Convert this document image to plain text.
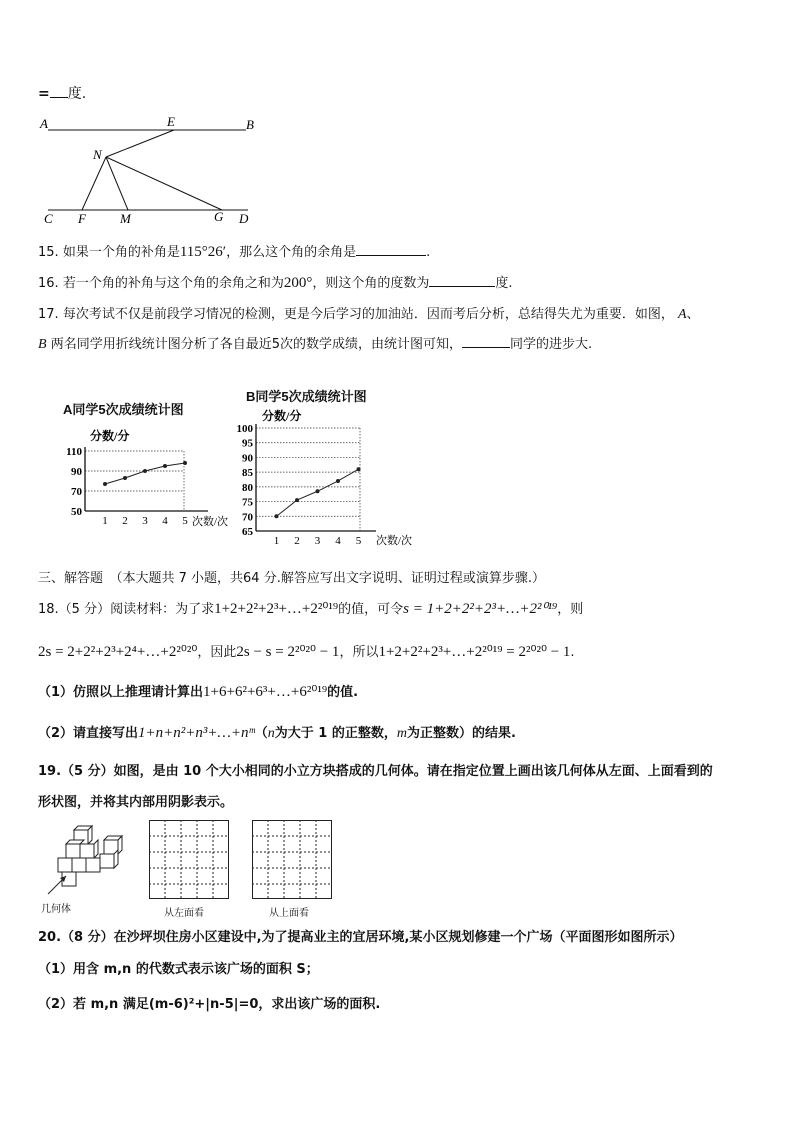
= 度.
A	E	B
N
C F	M	G D
15. 如果一个角的补角是115°26′，那么这个角的余角是	.
16. 若一个角的补角与这个角的余角之和为200°，则这个角的度数为	度.
17. 每次考试不仅是前段学习情况的检测，更是今后学习的加油站．因而考后分析，总结得失尤为重要．如图， A、
B 两名同学用折线统计图分析了各自最近5次的数学成绩，由统计图可知，	同学的进步大.
A同学5次成绩统计图
50
70
90
110
1 2 3 4 5
分数/分
次数/次
B同学5次成绩统计图
65
70
75
80
85
90
95
100
1 2 3 4 5
分数/分
次数/次
三、解答题　（本大题共 7 小题，共64 分.解答应写出文字说明、证明过程或演算步骤.）
18.（5 分）阅读材料：为了求1+2+2²+2³+…+2²⁰¹⁹的值，可令s = 1+2+2²+2³+…+2²⁰¹⁹，则
2s = 2+2²+2³+2⁴+…+2²⁰²⁰，因此2s − s = 2²⁰²⁰ − 1，所以1+2+2²+2³+…+2²⁰¹⁹ = 2²⁰²⁰ − 1.
（1）仿照以上推理请计算出1+6+6²+6³+…+6²⁰¹⁹的值.
（2）请直接写出1+n+n²+n³+…+nᵐ（n为大于 1 的正整数，m为正整数）的结果.
19.（5 分）如图，是由 10 个大小相同的小立方块搭成的几何体。请在指定位置上画出该几何体从左面、上面看到的
形状图，并将其内部用阴影表示。
几何体	从左面看	从上面看
20.（8 分）在沙坪坝住房小区建设中,为了提高业主的宜居环境,某小区规划修建一个广场（平面图形如图所示）
（1）用含 m,n 的代数式表示该广场的面积 S；
（2）若 m,n 满足(m-6)²+|n-5|=0，求出该广场的面积.
